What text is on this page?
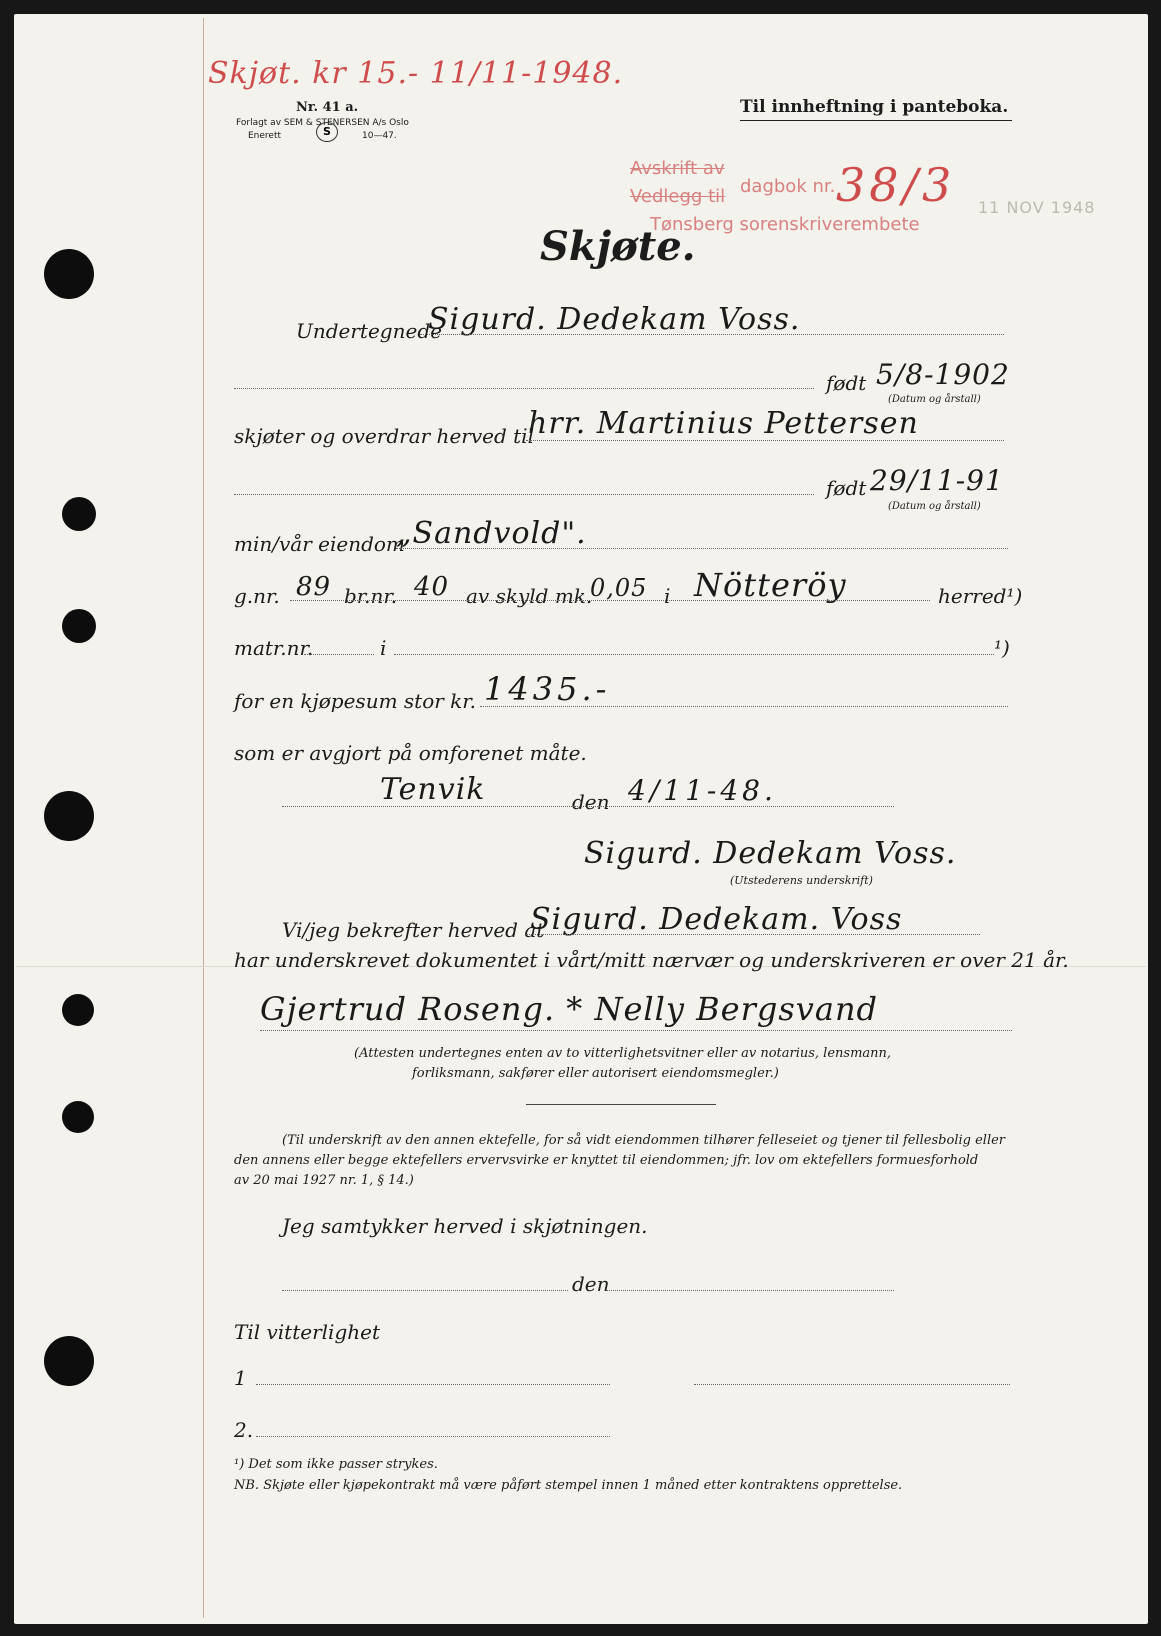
Skjøt. kr 15.- 11/11-1948.
Nr. 41 a.
Forlagt av SEM & STENERSEN A/s Oslo
Enerett	S	10—47.
Til innheftning i panteboka.
Avskrift av
Vedlegg til dagbok nr. 38/3
Tønsberg sorenskriverembete
11 NOV 1948
Skjøte.
Undertegnede
Sigurd. Dedekam Voss.
født 5/8-1902
(Datum og årstall)
skjøter og overdrar herved til
hrr. Martinius Pettersen
født 29/11-91
(Datum og årstall)
min/vår eiendom
„Sandvold".
g.nr. 89 br.nr. 40 av skyld mk.
0,05 i Nötteröy	herred¹)
matr.nr.	i	¹)
for en kjøpesum stor kr. 1435.-
som er avgjort på omforenet måte.
Tenvik	den 4/11-48.
Sigurd. Dedekam Voss.
(Utstederens underskrift)
Vi/jeg bekrefter herved at
Sigurd. Dedekam. Voss
har underskrevet dokumentet i vårt/mitt nærvær og underskriveren er over 21 år.
Gjertrud Roseng. * Nelly Bergsvand
(Attesten undertegnes enten av to vitterlighetsvitner eller av notarius, lensmann,
forliksmann, sakfører eller autorisert eiendomsmegler.)
(Til underskrift av den annen ektefelle, for så vidt eiendommen tilhører felleseiet og tjener til fellesbolig eller
den annens eller begge ektefellers ervervsvirke er knyttet til eiendommen; jfr. lov om ektefellers formuesforhold
av 20 mai 1927 nr. 1, § 14.)
Jeg samtykker herved i skjøtningen.
den
Til vitterlighet
1
2.
¹) Det som ikke passer strykes.
NB. Skjøte eller kjøpekontrakt må være påført stempel innen 1 måned etter kontraktens opprettelse.
